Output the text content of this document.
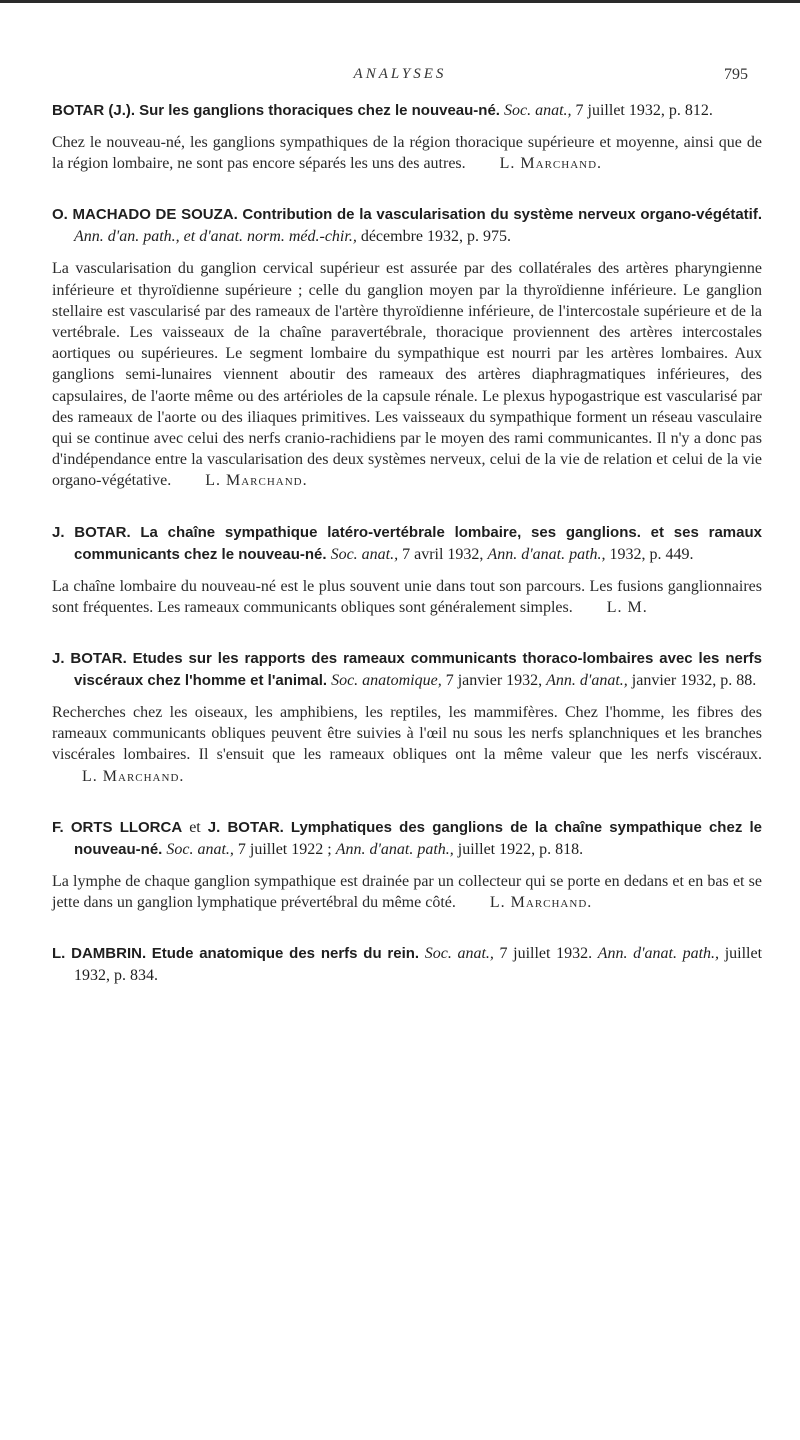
ANALYSES	795

BOTAR (J.). Sur les ganglions thoraciques chez le nouveau-né. Soc. anat., 7 juillet 1932, p. 812.

Chez le nouveau-né, les ganglions sympathiques de la région thoracique supérieure et moyenne, ainsi que de la région lombaire, ne sont pas encore séparés les uns des autres. L. Marchand.

O. MACHADO DE SOUZA. Contribution de la vascularisation du système nerveux organo-végétatif. Ann. d'an. path., et d'anat. norm. méd.-chir., décembre 1932, p. 975.

La vascularisation du ganglion cervical supérieur est assurée par des collatérales des artères pharyngienne inférieure et thyroïdienne supérieure ; celle du ganglion moyen par la thyroïdienne inférieure. Le ganglion stellaire est vascularisé par des rameaux de l'artère thyroïdienne inférieure, de l'intercostale supérieure et de la vertébrale. Les vaisseaux de la chaîne paravertébrale, thoracique proviennent des artères intercostales aortiques ou supérieures. Le segment lombaire du sympathique est nourri par les artères lombaires. Aux ganglions semi-lunaires viennent aboutir des rameaux des artères diaphragmatiques inférieures, des capsulaires, de l'aorte même ou des artérioles de la capsule rénale. Le plexus hypogastrique est vascularisé par des rameaux de l'aorte ou des iliaques primitives. Les vaisseaux du sympathique forment un réseau vasculaire qui se continue avec celui des nerfs cranio-rachidiens par le moyen des rami communicantes. Il n'y a donc pas d'indépendance entre la vascularisation des deux systèmes nerveux, celui de la vie de relation et celui de la vie organo-végétative. L. Marchand.

J. BOTAR. La chaîne sympathique latéro-vertébrale lombaire, ses ganglions. et ses ramaux communicants chez le nouveau-né. Soc. anat., 7 avril 1932, Ann. d'anat. path., 1932, p. 449.

La chaîne lombaire du nouveau-né est le plus souvent unie dans tout son parcours. Les fusions ganglionnaires sont fréquentes. Les rameaux communicants obliques sont généralement simples. L. M.

J. BOTAR. Etudes sur les rapports des rameaux communicants thoraco-lombaires avec les nerfs viscéraux chez l'homme et l'animal. Soc. anatomique, 7 janvier 1932, Ann. d'anat., janvier 1932, p. 88.

Recherches chez les oiseaux, les amphibiens, les reptiles, les mammifères. Chez l'homme, les fibres des rameaux communicants obliques peuvent être suivies à l'œil nu sous les nerfs splanchniques et les branches viscérales lombaires. Il s'ensuit que les rameaux obliques ont la même valeur que les nerfs viscéraux. L. Marchand.

F. ORTS LLORCA et J. BOTAR. Lymphatiques des ganglions de la chaîne sympathique chez le nouveau-né. Soc. anat., 7 juillet 1922 ; Ann. d'anat. path., juillet 1922, p. 818.

La lymphe de chaque ganglion sympathique est drainée par un collecteur qui se porte en dedans et en bas et se jette dans un ganglion lymphatique prévertébral du même côté. L. Marchand.

L. DAMBRIN. Etude anatomique des nerfs du rein. Soc. anat., 7 juillet 1932. Ann. d'anat. path., juillet 1932, p. 834.
